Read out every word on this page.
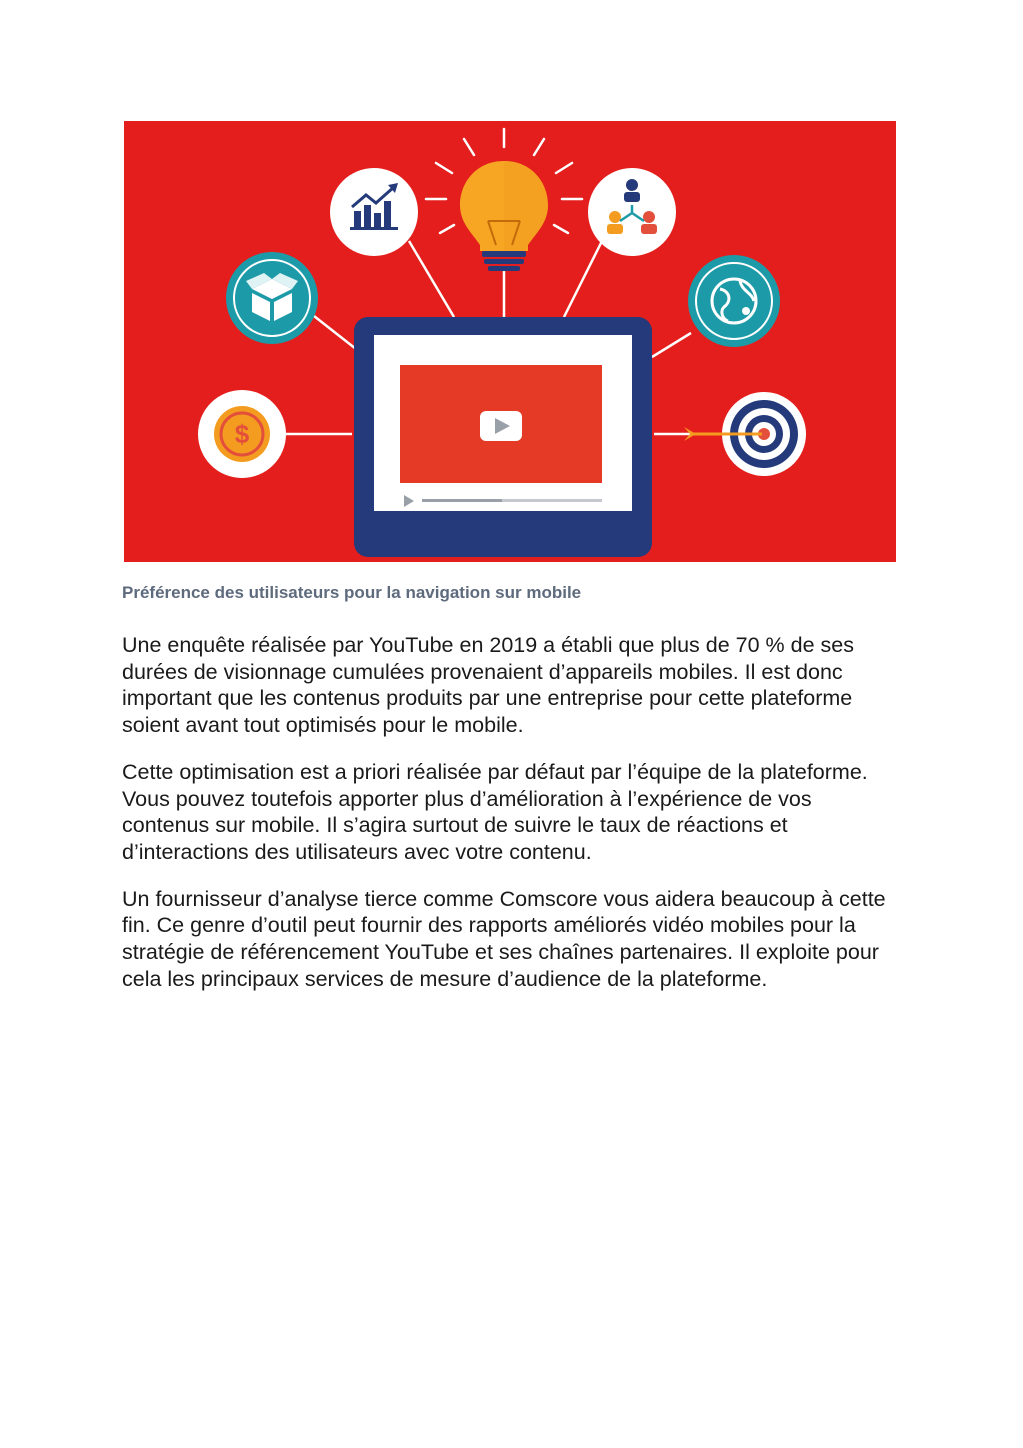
$
Préférence des utilisateurs pour la navigation sur mobile

Une enquête réalisée par YouTube en 2019 a établi que plus de 70 % de ses durées de visionnage cumulées provenaient d’appareils mobiles. Il est donc important que les contenus produits par une entreprise pour cette plateforme soient avant tout optimisés pour le mobile.

Cette optimisation est a priori réalisée par défaut par l’équipe de la plateforme. Vous pouvez toutefois apporter plus d’amélioration à l’expérience de vos contenus sur mobile. Il s’agira surtout de suivre le taux de réactions et d’interactions des utilisateurs avec votre contenu.

Un fournisseur d’analyse tierce comme Comscore vous aidera beaucoup à cette fin. Ce genre d’outil peut fournir des rapports améliorés vidéo mobiles pour la stratégie de référencement YouTube et ses chaînes partenaires. Il exploite pour cela les principaux services de mesure d’audience de la plateforme.
